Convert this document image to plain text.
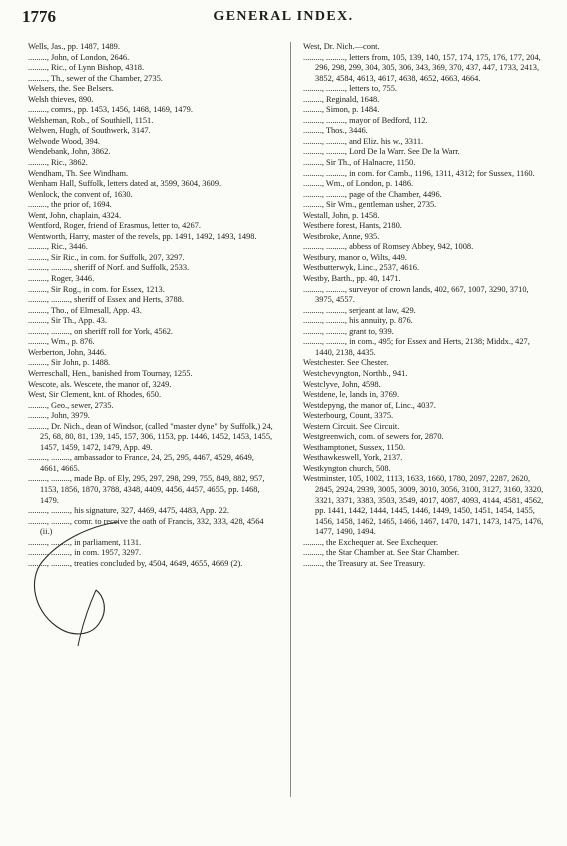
1776	GENERAL INDEX.
Wells, Jas., pp. 1487, 1489.
........., John, of London, 2646.
........., Ric., of Lynn Bishop, 4318.
........., Th., sewer of the Chamber, 2735.
Welsers, the. See Belsers.
Welsh thieves, 890.
........., comrs., pp. 1453, 1456, 1468, 1469, 1479.
Welsheman, Rob., of Southiell, 1151.
Welwen, Hugh, of Southwerk, 3147.
Welwode Wood, 394.
Wendebank, John, 3862.
........., Ric., 3862.
Wendham, Th. See Windham.
Wenham Hall, Suffolk, letters dated at, 3599, 3604, 3609.
Wenlock, the convent of, 1630.
........., the prior of, 1694.
Went, John, chaplain, 4324.
Wentford, Roger, friend of Erasmus, letter to, 4267.
Wentworth, Harry, master of the revels, pp. 1491, 1492, 1493, 1498.
........., Ric., 3446.
........., Sir Ric., in com. for Suffolk, 207, 3297.
........., ........., sheriff of Norf. and Suffolk, 2533.
........., Roger, 3446.
........., Sir Rog., in com. for Essex, 1213.
........., ........., sheriff of Essex and Herts, 3788.
........., Tho., of Elmesall, App. 43.
........., Sir Th., App. 43.
........., ........., on sheriff roll for York, 4562.
........., Wm., p. 876.
Werberton, John, 3446.
........., Sir John, p. 1488.
Werreschall, Hen., banished from Tournay, 1255.
Wescote, als. Wescete, the manor of, 3249.
West, Sir Clement, knt. of Rhodes, 650.
........., Geo., sewer, 2735.
........., John, 3979.
........., Dr. Nich., dean of Windsor, (called "master dyne" by Suffolk,) 24, 25, 68, 80, 81, 139, 145, 157, 306, 1153, pp. 1446, 1452, 1453, 1455, 1457, 1459, 1472, 1479, App. 49.
........., ........., ambassador to France, 24, 25, 295, 4467, 4529, 4649, 4661, 4665.
........., ........., made Bp. of Ely, 295, 297, 298, 299, 755, 849, 882, 957, 1153, 1856, 1870, 3788, 4348, 4409, 4456, 4457, 4655, pp. 1468, 1479.
........., ........., his signature, 327, 4469, 4475, 4483, App. 22.
........., ........., comr. to receive the oath of Francis, 332, 333, 428, 4564 (ii.)
........., ........., in parliament, 1131.
........., ........., in com. 1957, 3297.
........., ........., treaties concluded by, 4504, 4649, 4655, 4669 (2).
West, Dr. Nich.—cont.
........., ........., letters from, 105, 139, 140, 157, 174, 175, 176, 177, 204, 296, 298, 299, 304, 305, 306, 343, 369, 370, 437, 447, 1733, 2413, 3852, 4584, 4613, 4617, 4638, 4652, 4663, 4664.
........., ........., letters to, 755.
........., Reginald, 1648.
........., Simon, p. 1484.
........., ........., mayor of Bedford, 112.
........., Thos., 3446.
........., ........., and Eliz. his w., 3311.
........., ........., Lord De la Warr. See De la Warr.
........., Sir Th., of Halnacre, 1150.
........., ........., in com. for Camb., 1196, 1311, 4312; for Sussex, 1160.
........., Wm., of London, p. 1486.
........., ........., page of the Chamber, 4496.
........., Sir Wm., gentleman usher, 2735.
Westall, John, p. 1458.
Westbere forest, Hants, 2180.
Westbroke, Anne, 935.
........., ........., abbess of Romsey Abbey, 942, 1008.
Westbury, manor o, Wilts, 449.
Westbutterwyk, Linc., 2537, 4616.
Westby, Barth., pp. 40, 1471.
........., ........., surveyor of crown lands, 402, 667, 1007, 3290, 3710, 3975, 4557.
........., ........., serjeant at law, 429.
........., ........., his annuity, p. 876.
........., ........., grant to, 939.
........., ........., in com., 495; for Essex and Herts, 2138; Middx., 427, 1440, 2138, 4435.
Westchester. See Chester.
Westchevyngton, Northb., 941.
Westclyve, John, 4598.
Westdene, le, lands in, 3769.
Westdepyng, the manor of, Linc., 4037.
Westerbourg, Count, 3375.
Western Circuit. See Circuit.
Westgreenwich, com. of sewers for, 2870.
Westhamptonet, Sussex, 1150.
Westhawkeswell, York, 2137.
Westkyngton church, 508.
Westminster, 105, 1002, 1113, 1633, 1660, 1780, 2097, 2287, 2620, 2845, 2924, 2939, 3005, 3009, 3010, 3056, 3100, 3127, 3160, 3320, 3321, 3371, 3383, 3503, 3549, 4017, 4087, 4093, 4144, 4581, 4562, pp. 1441, 1442, 1444, 1445, 1446, 1449, 1450, 1451, 1454, 1455, 1456, 1458, 1462, 1465, 1466, 1467, 1470, 1471, 1473, 1475, 1476, 1477, 1490, 1494.
........., the Exchequer at. See Exchequer.
........., the Star Chamber at. See Star Chamber.
........., the Treasury at. See Treasury.
